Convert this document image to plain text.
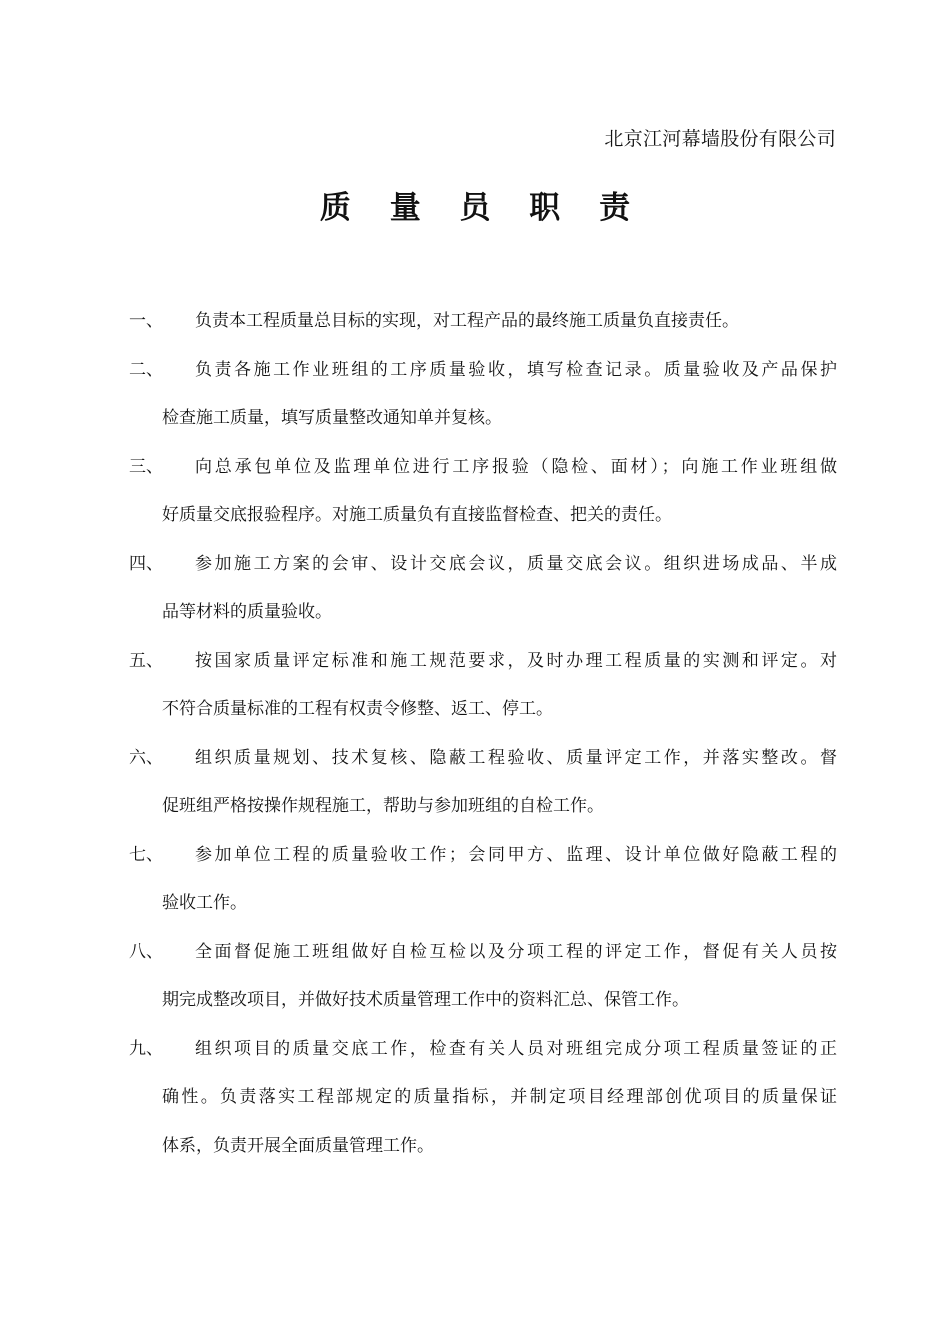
北京江河幕墙股份有限公司
质 量 员 职 责
一、 负责本工程质量总目标的实现，对工程产品的最终施工质量负直接责任。
二、 负责各施工作业班组的工序质量验收，填写检查记录。质量验收及产品保护
检查施工质量，填写质量整改通知单并复核。
三、 向总承包单位及监理单位进行工序报验（隐检、面材）；向施工作业班组做
好质量交底报验程序。对施工质量负有直接监督检查、把关的责任。
四、 参加施工方案的会审、设计交底会议，质量交底会议。组织进场成品、半成
品等材料的质量验收。
五、 按国家质量评定标准和施工规范要求，及时办理工程质量的实测和评定。对
不符合质量标准的工程有权责令修整、返工、停工。
六、 组织质量规划、技术复核、隐蔽工程验收、质量评定工作，并落实整改。督
促班组严格按操作规程施工，帮助与参加班组的自检工作。
七、 参加单位工程的质量验收工作；会同甲方、监理、设计单位做好隐蔽工程的
验收工作。
八、 全面督促施工班组做好自检互检以及分项工程的评定工作，督促有关人员按
期完成整改项目，并做好技术质量管理工作中的资料汇总、保管工作。
九、 组织项目的质量交底工作，检查有关人员对班组完成分项工程质量签证的正
确性。负责落实工程部规定的质量指标，并制定项目经理部创优项目的质量保证
体系，负责开展全面质量管理工作。
